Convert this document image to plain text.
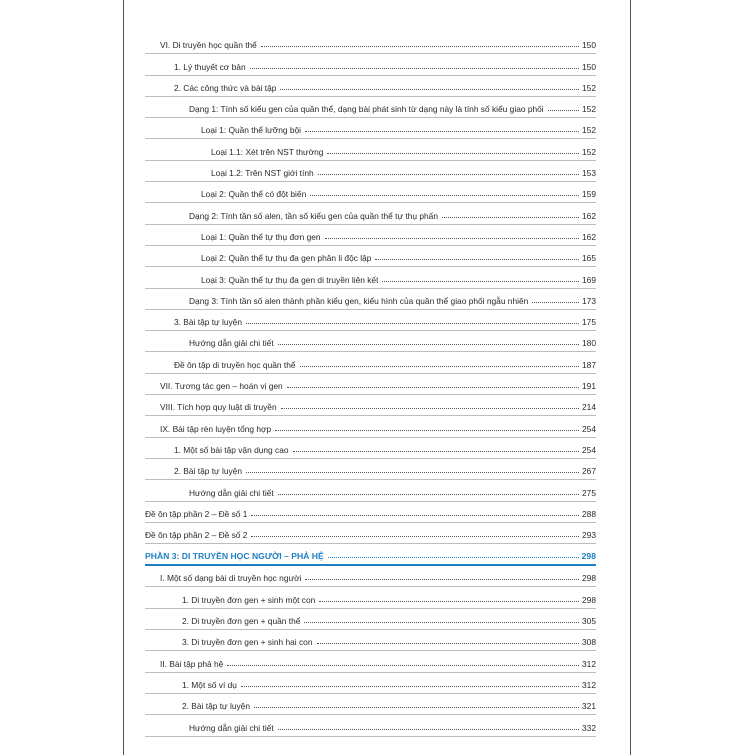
VI. Di truyền học quần thể	150
1. Lý thuyết cơ bản	150
2. Các công thức và bài tập	152
Dạng 1: Tính số kiểu gen của quần thể, dạng bài phát sinh từ dạng này là tính số kiểu giao phối	152
Loại 1: Quần thể lưỡng bội	152
Loại 1.1: Xét trên NST thường	152
Loại 1.2: Trên NST giới tính	153
Loại 2: Quần thể có đột biến	159
Dạng 2: Tính tần số alen, tần số kiểu gen của quần thể tự thụ phấn	162
Loại 1: Quần thể tự thụ đơn gen	162
Loại 2: Quần thể tự thụ đa gen phân li độc lập	165
Loại 3: Quần thể tự thụ đa gen di truyền liên kết	169
Dạng 3: Tính tần số alen thành phần kiểu gen, kiểu hình của quần thể giao phối ngẫu nhiên	173
3. Bài tập tự luyện	175
Hướng dẫn giải chi tiết	180
Đề ôn tập di truyền học quần thể	187
VII. Tương tác gen – hoán vị gen	191
VIII. Tích hợp quy luật di truyền	214
IX. Bài tập rèn luyện tổng hợp	254
1. Một số bài tập vận dụng cao	254
2. Bài tập tự luyện	267
Hướng dẫn giải chi tiết	275
Đề ôn tập phần 2 – Đề số 1	288
Đề ôn tập phần 2 – Đề số 2	293
PHẦN 3: DI TRUYỀN HỌC NGƯỜI – PHẢ HỆ	298
I. Một số dạng bài di truyền học người	298
1. Di truyền đơn gen + sinh một con	298
2. Di truyền đơn gen + quần thể	305
3. Di truyền đơn gen + sinh hai con	308
II. Bài tập phả hệ	312
1. Một số ví dụ	312
2. Bài tập tự luyện	321
Hướng dẫn giải chi tiết	332
